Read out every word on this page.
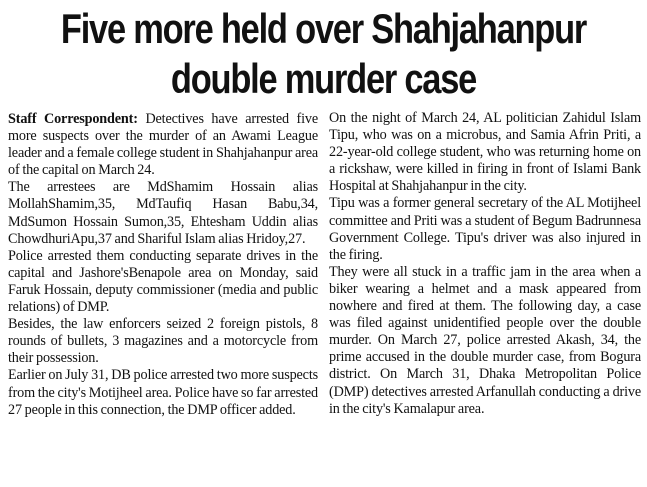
Five more held over Shahjahanpur
double murder case

Staff Correspondent: Detectives have arrested five more suspects over the murder of an Awami League leader and a female college student in Shahjahanpur area of the capital on March 24.

The arrestees are MdShamim Hossain alias MollahShamim,35, MdTaufiq Hasan Babu,34, MdSumon Hossain Sumon,35, Ehtesham Uddin alias ChowdhuriApu,37 and Shariful Islam alias Hridoy,27.

Police arrested them conducting separate drives in the capital and Jashore'sBenapole area on Monday, said Faruk Hossain, deputy commissioner (media and public relations) of DMP.

Besides, the law enforcers seized 2 foreign pistols, 8 rounds of bullets, 3 magazines and a motorcycle from their possession.

Earlier on July 31, DB police arrested two more suspects from the city's Motijheel area. Police have so far arrested 27 people in this connection, the DMP officer added.

On the night of March 24, AL politician Zahidul Islam Tipu, who was on a microbus, and Samia Afrin Priti, a 22-year-old college student, who was returning home on a rickshaw, were killed in firing in front of Islami Bank Hospital at Shahjahanpur in the city.

Tipu was a former general secretary of the AL Motijheel committee and Priti was a student of Begum Badrunnesa Government College. Tipu's driver was also injured in the firing.

They were all stuck in a traffic jam in the area when a biker wearing a helmet and a mask appeared from nowhere and fired at them. The following day, a case was filed against unidentified people over the double murder. On March 27, police arrested Akash, 34, the prime accused in the double murder case, from Bogura district. On March 31, Dhaka Metropolitan Police (DMP) detectives arrested Arfanullah conducting a drive in the city's Kamalapur area.
